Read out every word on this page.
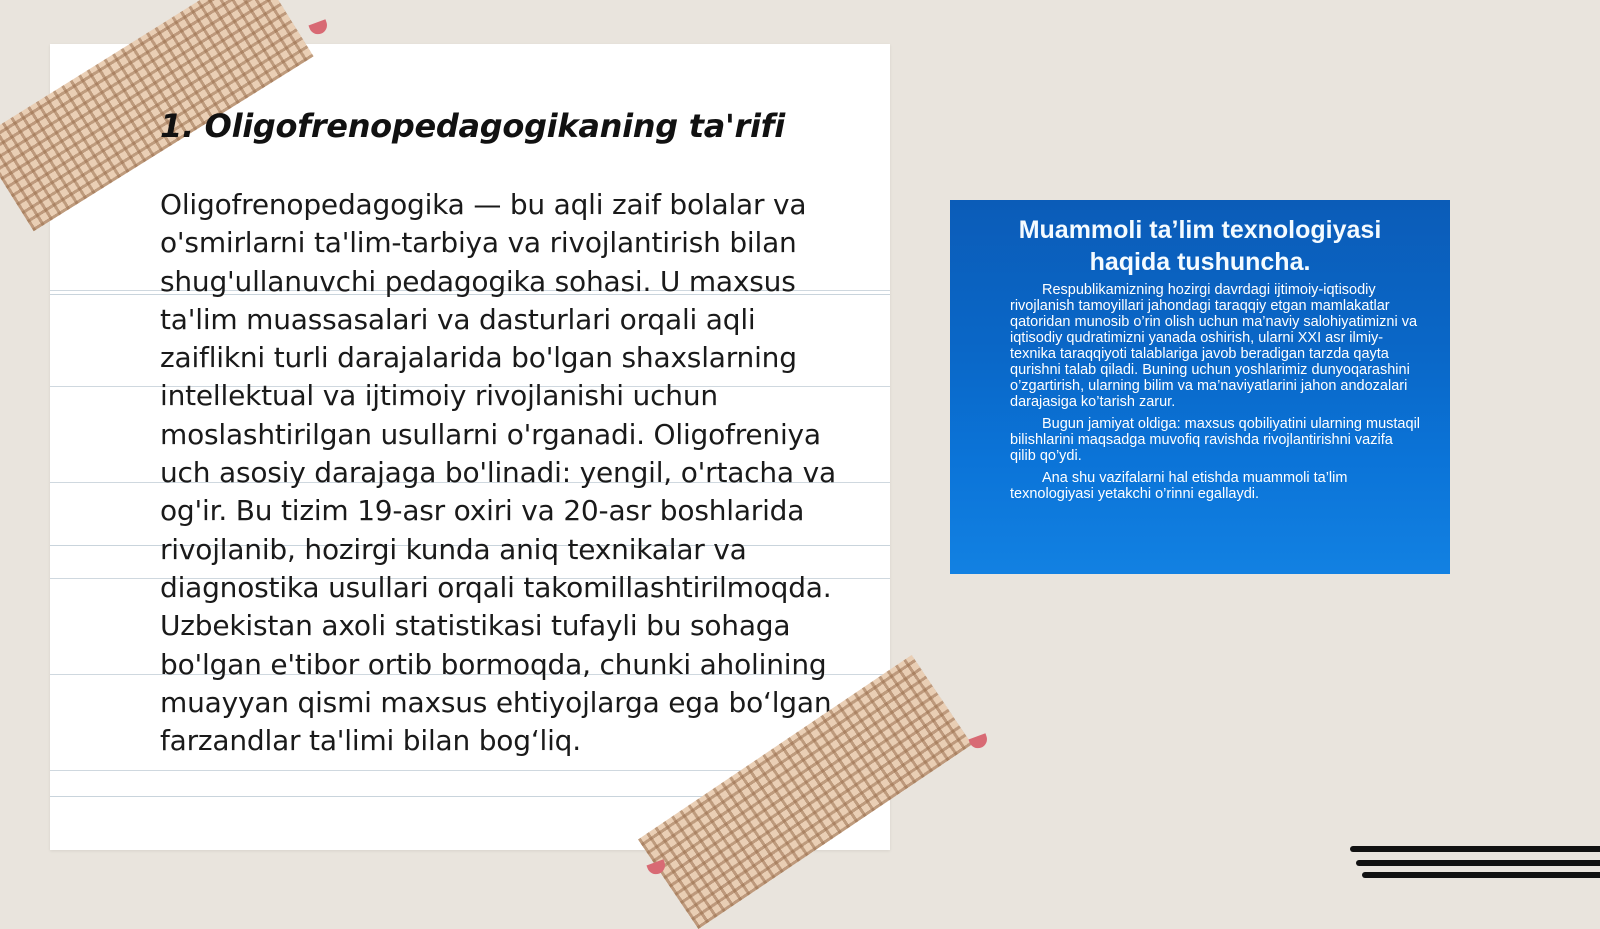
1. Oligofrenopedagogikaning ta'rifi

Oligofrenopedagogika — bu aqli zaif bolalar va o'smirlarni ta'lim-tarbiya va rivojlantirish bilan shug'ullanuvchi pedagogika sohasi. U maxsus ta'lim muassasalari va dasturlari orqali aqli zaiflikni turli darajalarida bo'lgan shaxslarning intellektual va ijtimoiy rivojlanishi uchun moslashtirilgan usullarni o'rganadi. Oligofreniya uch asosiy darajaga bo'linadi: yengil, o'rtacha va og'ir. Bu tizim 19-asr oxiri va 20-asr boshlarida rivojlanib, hozirgi kunda aniq texnikalar va diagnostika usullari orqali takomillashtirilmoqda. Uzbekistan axoli statistikasi tufayli bu sohaga bo'lgan e'tibor ortib bormoqda, chunki aholining muayyan qismi maxsus ehtiyojlarga ega bo‘lgan farzandlar ta'limi bilan bog‘liq.

Muammoli ta’lim texnologiyasi haqida tushuncha.

Respublikamizning hozirgi davrdagi ijtimoiy-iqtisodiy rivojlanish tamoyillari jahondagi taraqqiy etgan mamlakatlar qatoridan munosib o’rin olish uchun ma’naviy salohiyatimizni va iqtisodiy qudratimizni yanada oshirish, ularni XXI asr ilmiy-texnika taraqqiyoti talablariga javob beradigan tarzda qayta qurishni talab qiladi. Buning uchun yoshlarimiz dunyoqarashini o’zgartirish, ularning bilim va ma’naviyatlarini jahon andozalari darajasiga ko’tarish zarur.

Bugun jamiyat oldiga: maxsus qobiliyatini ularning mustaqil bilishlarini maqsadga muvofiq ravishda rivojlantirishni vazifa qilib qo’ydi.

Ana shu vazifalarni hal etishda muammoli ta’lim texnologiyasi yetakchi o’rinni egallaydi.
